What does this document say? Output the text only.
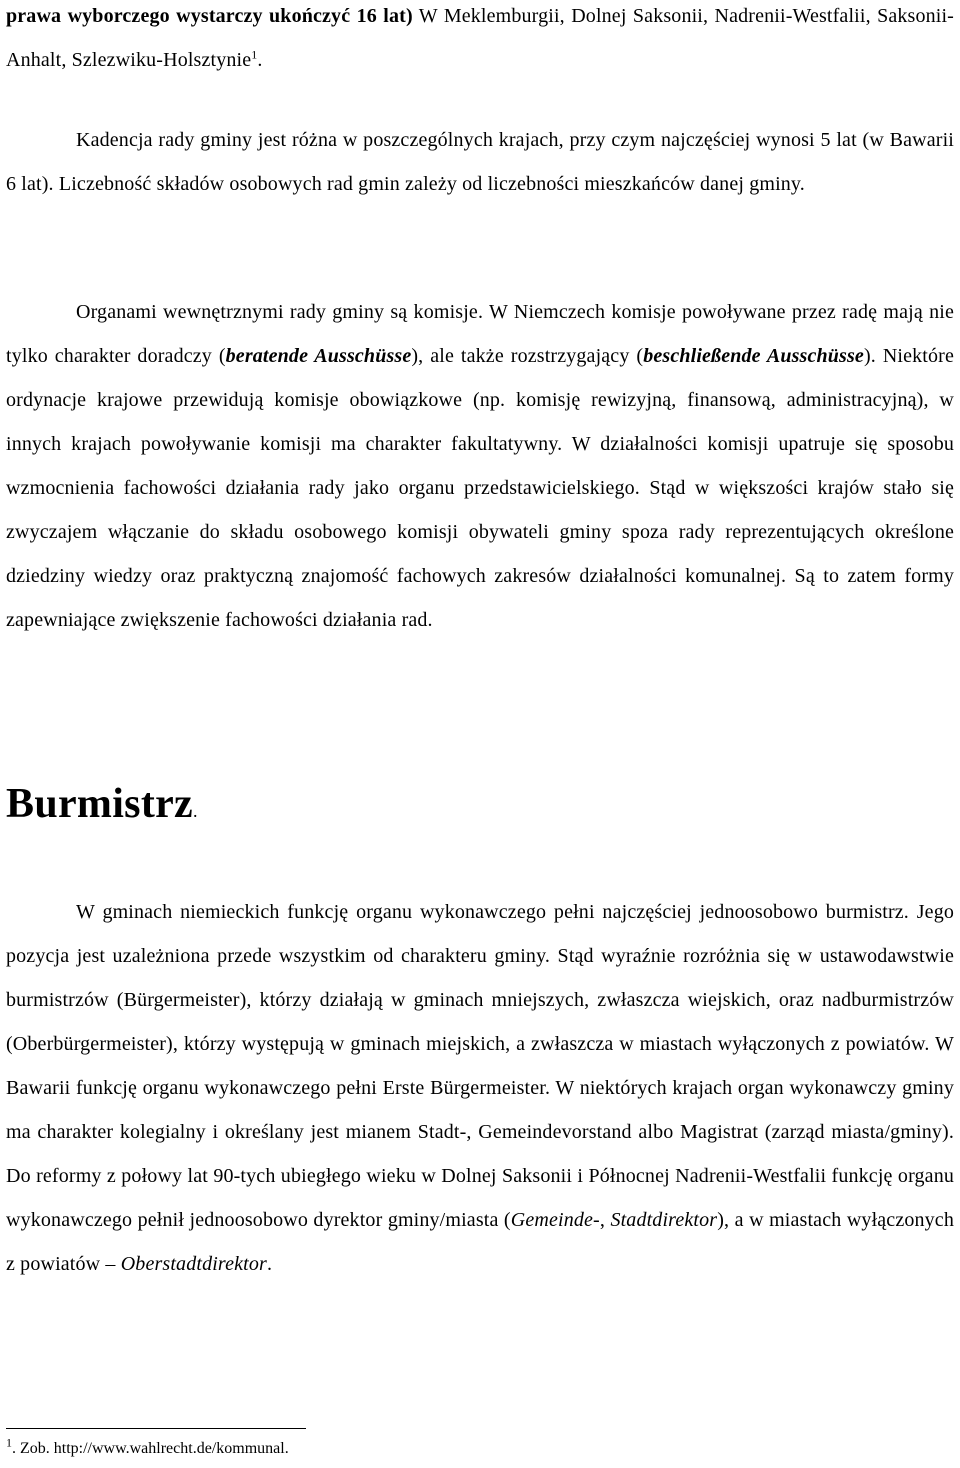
prawa wyborczego wystarczy ukończyć 16 lat) W Meklemburgii, Dolnej Saksonii, Nadrenii-Westfalii, Saksonii-Anhalt, Szlezwiku-Holsztynie$^1$.

Kadencja rady gminy jest różna w poszczególnych krajach, przy czym najczęściej wynosi 5 lat (w Bawarii 6 lat). Liczebność składów osobowych rad gmin zależy od liczebności mieszkańców danej gminy.

Organami wewnętrznymi rady gminy są komisje. W Niemczech komisje powoływane przez radę mają nie tylko charakter doradczy (beratende Ausschüsse), ale także rozstrzygający (beschließende Ausschüsse). Niektóre ordynacje krajowe przewidują komisje obowiązkowe (np. komisję rewizyjną, finansową, administracyjną), w innych krajach powoływanie komisji ma charakter fakultatywny. W działalności komisji upatruje się sposobu wzmocnienia fachowości działania rady jako organu przedstawicielskiego. Stąd w większości krajów stało się zwyczajem włączanie do składu osobowego komisji obywateli gminy spoza rady reprezentujących określone dziedziny wiedzy oraz praktyczną znajomość fachowych zakresów działalności komunalnej. Są to zatem formy zapewniające zwiększenie fachowości działania rad.

Burmistrz.

W gminach niemieckich funkcję organu wykonawczego pełni najczęściej jednoosobowo burmistrz. Jego pozycja jest uzależniona przede wszystkim od charakteru gminy. Stąd wyraźnie rozróżnia się w ustawodawstwie burmistrzów (Bürgermeister), którzy działają w gminach mniejszych, zwłaszcza wiejskich, oraz nadburmistrzów (Oberbürgermeister), którzy występują w gminach miejskich, a zwłaszcza w miastach wyłączonych z powiatów. W Bawarii funkcję organu wykonawczego pełni Erste Bürgermeister. W niektórych krajach organ wykonawczy gminy ma charakter kolegialny i określany jest mianem Stadt-, Gemeindevorstand albo Magistrat (zarząd miasta/gminy). Do reformy z połowy lat 90-tych ubiegłego wieku w Dolnej Saksonii i Północnej Nadrenii-Westfalii funkcję organu wykonawczego pełnił jednoosobowo dyrektor gminy/miasta (Gemeinde-, Stadtdirektor), a w miastach wyłączonych z powiatów – Oberstadtdirektor.

$^1$. Zob. http://www.wahlrecht.de/kommunal.
